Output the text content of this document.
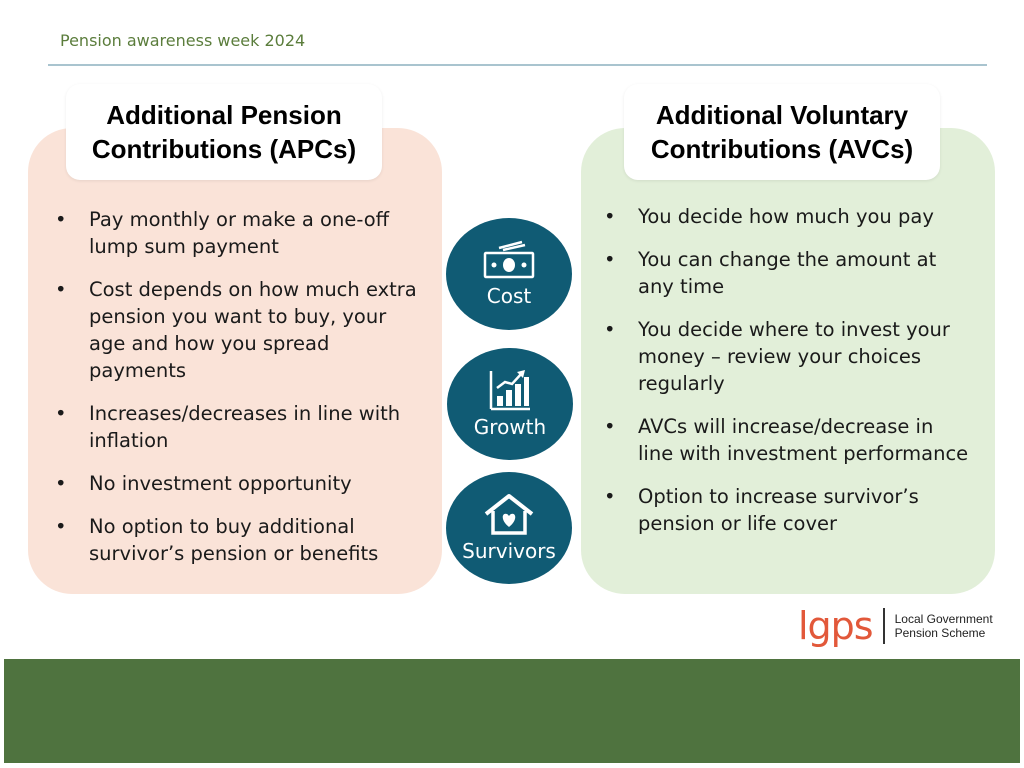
Pension awareness week 2024
Additional Pension
Contributions (APCs)
• Pay monthly or make a one-off lump sum payment
• Cost depends on how much extra pension you want to buy, your age and how you spread payments
• Increases/decreases in line with inflation
• No investment opportunity
• No option to buy additional survivor’s pension or benefits
Additional Voluntary
Contributions (AVCs)
• You decide how much you pay
• You can change the amount at any time
• You decide where to invest your money – review your choices regularly
• AVCs will increase/decrease in line with investment performance
• Option to increase survivor’s pension or life cover
Cost
Growth
Survivors
lgps Local Government
Pension Scheme
